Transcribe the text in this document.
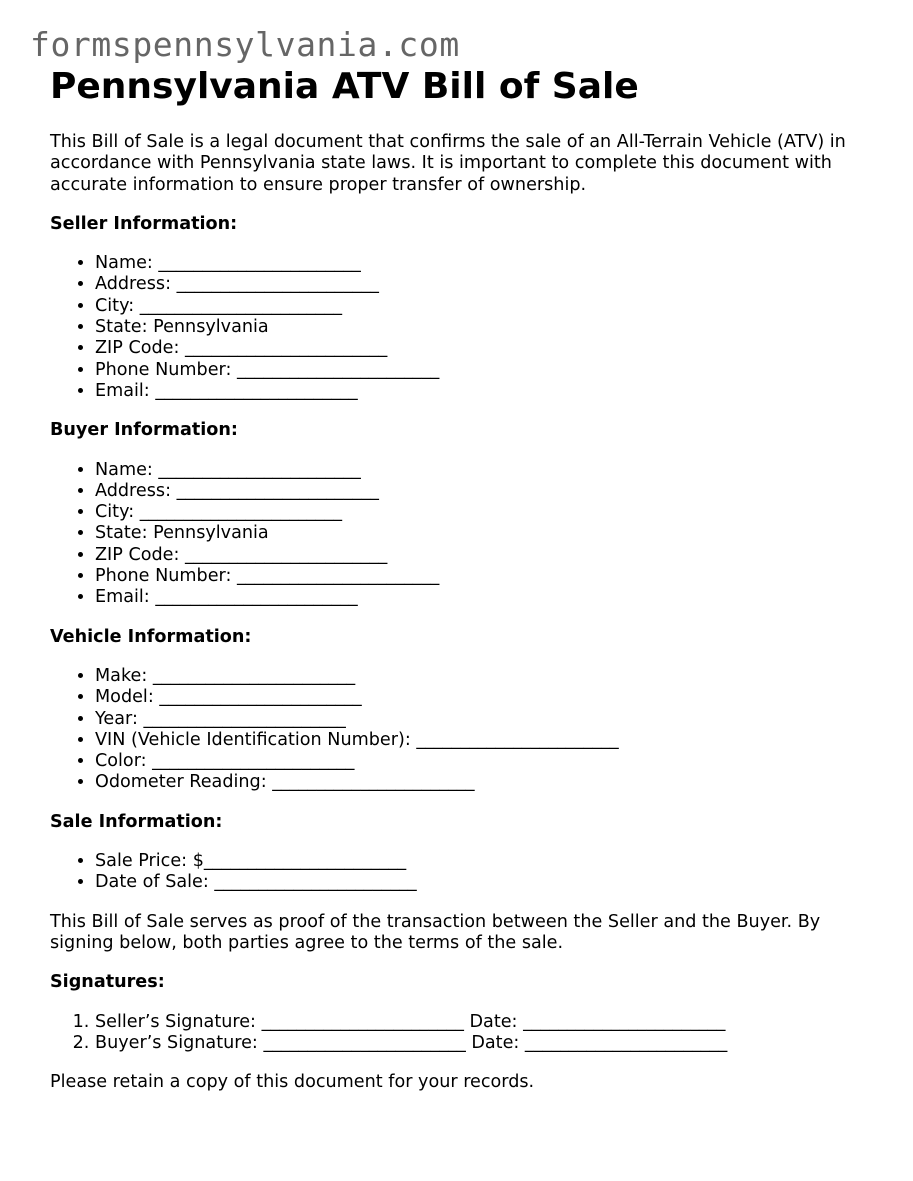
formspennsylvania.com
Pennsylvania ATV Bill of Sale

This Bill of Sale is a legal document that confirms the sale of an All-Terrain Vehicle (ATV) in accordance with Pennsylvania state laws. It is important to complete this document with accurate information to ensure proper transfer of ownership.

Seller Information:

• Name: _______________________
• Address: _______________________
• City: _______________________
• State: Pennsylvania
• ZIP Code: _______________________
• Phone Number: _______________________
• Email: _______________________

Buyer Information:

• Name: _______________________
• Address: _______________________
• City: _______________________
• State: Pennsylvania
• ZIP Code: _______________________
• Phone Number: _______________________
• Email: _______________________

Vehicle Information:

• Make: _______________________
• Model: _______________________
• Year: _______________________
• VIN (Vehicle Identification Number): _______________________
• Color: _______________________
• Odometer Reading: _______________________

Sale Information:

• Sale Price: $_______________________
• Date of Sale: _______________________

This Bill of Sale serves as proof of the transaction between the Seller and the Buyer. By signing below, both parties agree to the terms of the sale.

Signatures:

1. Seller’s Signature: _______________________ Date: _______________________
2. Buyer’s Signature: _______________________ Date: _______________________

Please retain a copy of this document for your records.
